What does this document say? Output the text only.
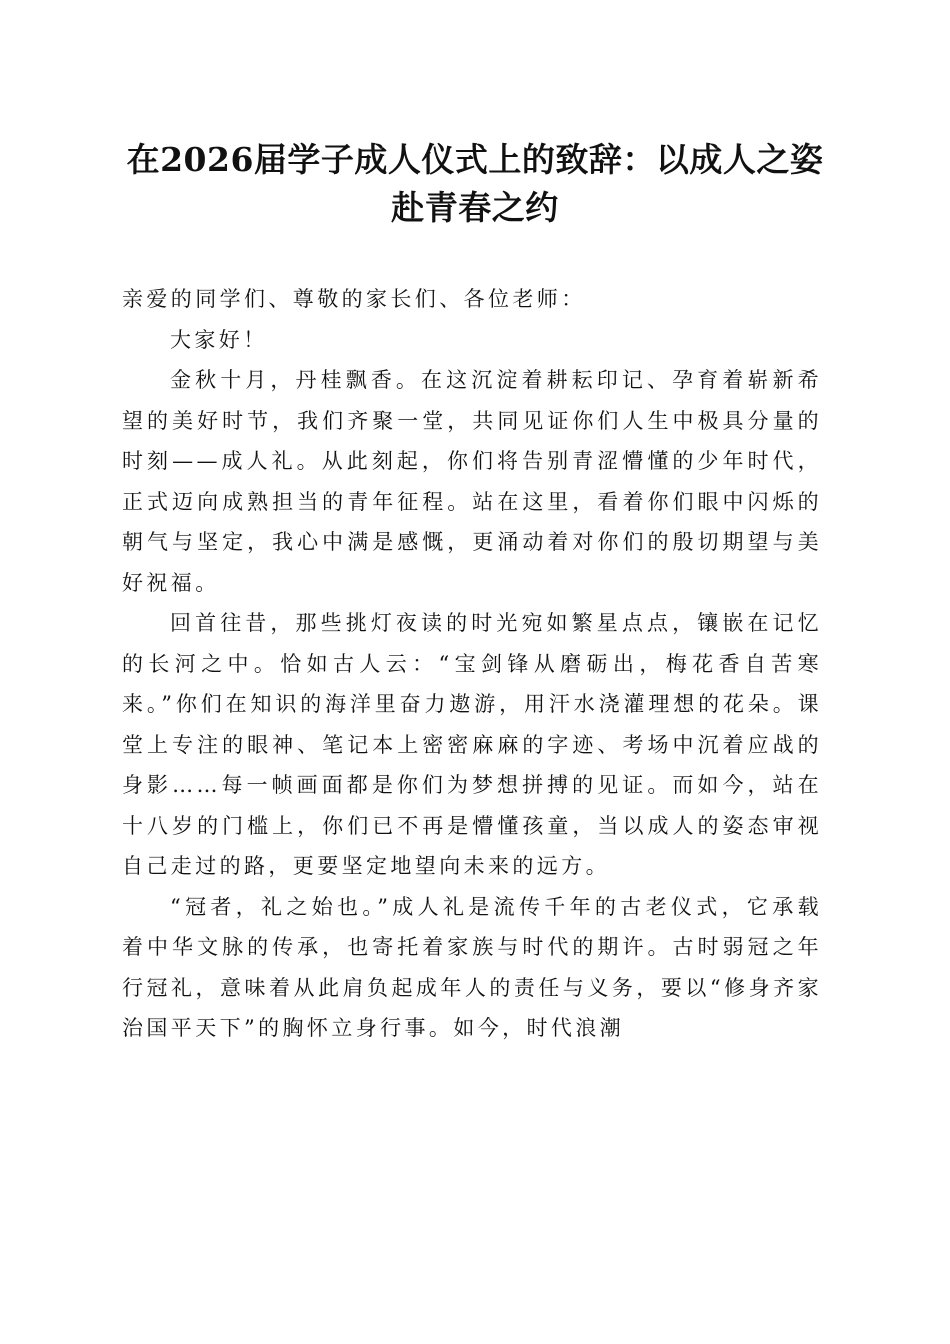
在2026届学子成人仪式上的致辞：以成人之姿赴青春之约

亲爱的同学们、尊敬的家长们、各位老师：

大家好！

金秋十月，丹桂飘香。在这沉淀着耕耘印记、孕育着崭新希望的美好时节，我们齐聚一堂，共同见证你们人生中极具分量的时刻——成人礼。从此刻起，你们将告别青涩懵懂的少年时代，正式迈向成熟担当的青年征程。站在这里，看着你们眼中闪烁的朝气与坚定，我心中满是感慨，更涌动着对你们的殷切期望与美好祝福。

回首往昔，那些挑灯夜读的时光宛如繁星点点，镶嵌在记忆的长河之中。恰如古人云：“宝剑锋从磨砺出，梅花香自苦寒来。”你们在知识的海洋里奋力遨游，用汗水浇灌理想的花朵。课堂上专注的眼神、笔记本上密密麻麻的字迹、考场中沉着应战的身影……每一帧画面都是你们为梦想拼搏的见证。而如今，站在十八岁的门槛上，你们已不再是懵懂孩童，当以成人的姿态审视自己走过的路，更要坚定地望向未来的远方。

“冠者，礼之始也。”成人礼是流传千年的古老仪式，它承载着中华文脉的传承，也寄托着家族与时代的期许。古时弱冠之年行冠礼，意味着从此肩负起成年人的责任与义务，要以“修身齐家治国平天下”的胸怀立身行事。如今，时代浪潮
